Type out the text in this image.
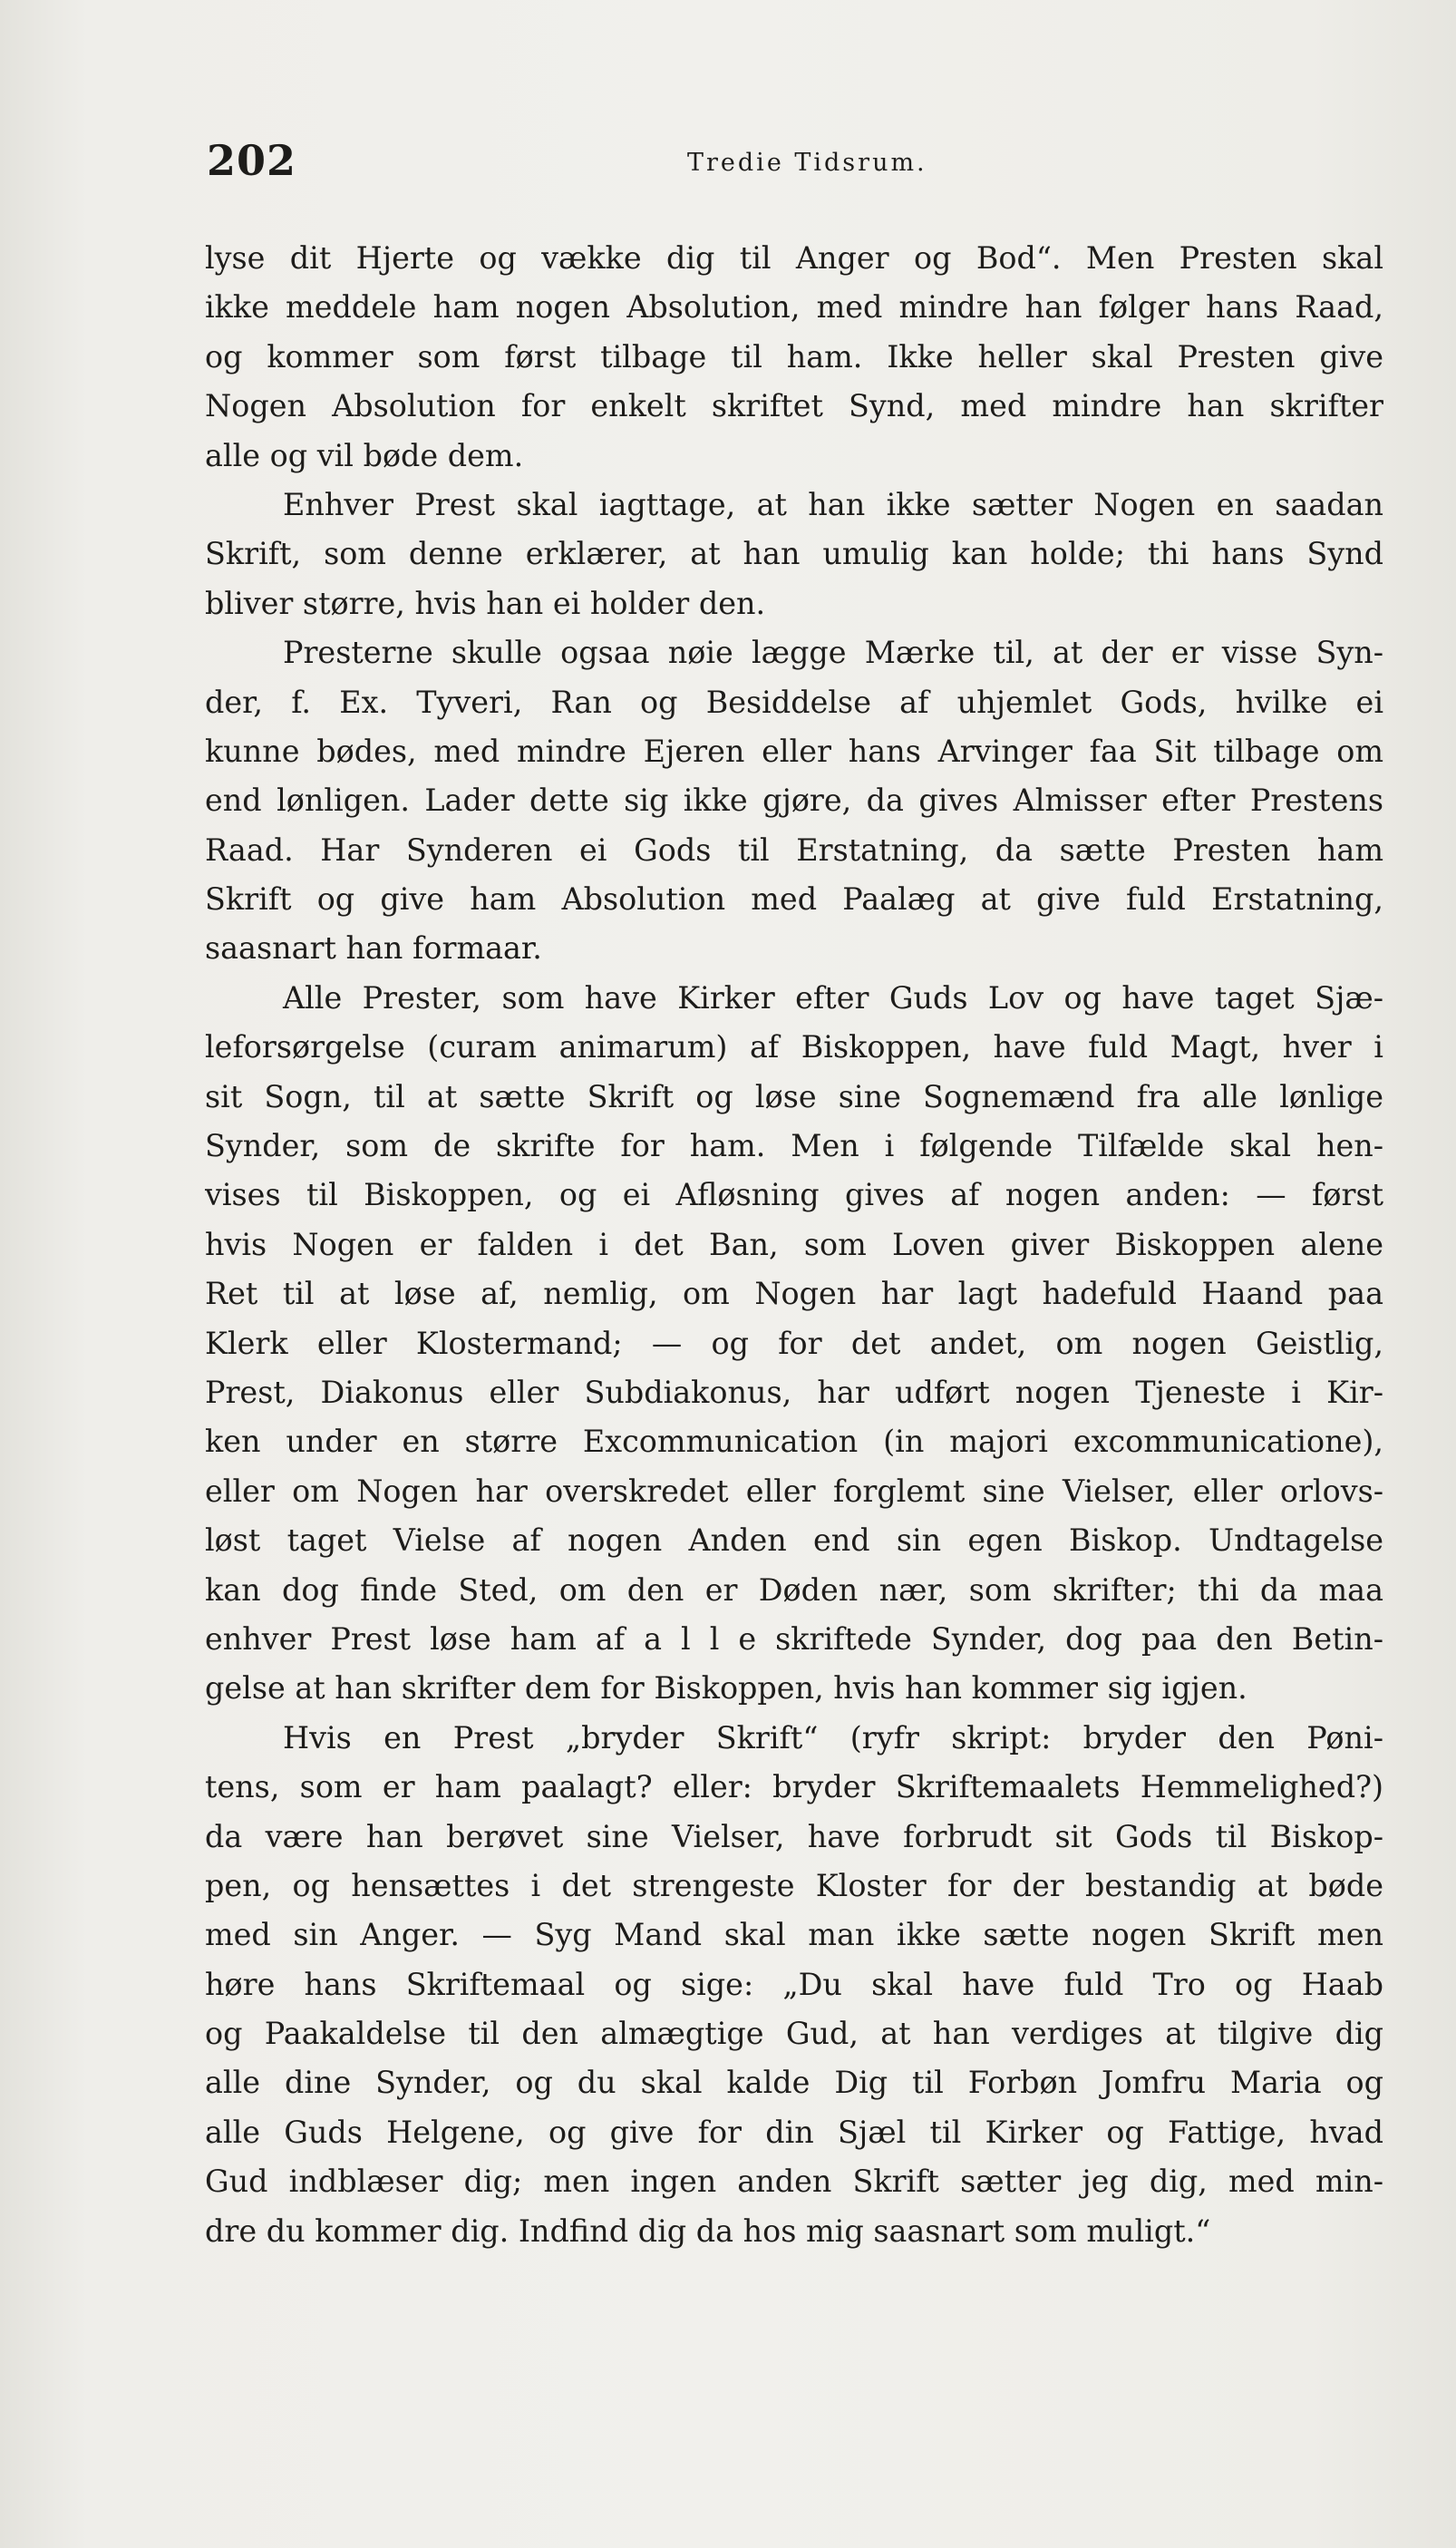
202	Tredie Tidsrum.
lyse dit Hjerte og vække dig til Anger og Bod“. Men Presten skal
ikke meddele ham nogen Absolution, med mindre han følger hans Raad,
og kommer som først tilbage til ham. Ikke heller skal Presten give
Nogen Absolution for enkelt skriftet Synd, med mindre han skrifter
alle og vil bøde dem.
Enhver Prest skal iagttage, at han ikke sætter Nogen en saadan
Skrift, som denne erklærer, at han umulig kan holde; thi hans Synd
bliver større, hvis han ei holder den.
Presterne skulle ogsaa nøie lægge Mærke til, at der er visse Syn-
der, f. Ex. Tyveri, Ran og Besiddelse af uhjemlet Gods, hvilke ei
kunne bødes, med mindre Ejeren eller hans Arvinger faa Sit tilbage om
end lønligen. Lader dette sig ikke gjøre, da gives Almisser efter Prestens
Raad. Har Synderen ei Gods til Erstatning, da sætte Presten ham
Skrift og give ham Absolution med Paalæg at give fuld Erstatning,
saasnart han formaar.
Alle Prester, som have Kirker efter Guds Lov og have taget Sjæ-
leforsørgelse (curam animarum) af Biskoppen, have fuld Magt, hver i
sit Sogn, til at sætte Skrift og løse sine Sognemænd fra alle lønlige
Synder, som de skrifte for ham. Men i følgende Tilfælde skal hen-
vises til Biskoppen, og ei Afløsning gives af nogen anden: — først
hvis Nogen er falden i det Ban, som Loven giver Biskoppen alene
Ret til at løse af, nemlig, om Nogen har lagt hadefuld Haand paa
Klerk eller Klostermand; — og for det andet, om nogen Geistlig,
Prest, Diakonus eller Subdiakonus, har udført nogen Tjeneste i Kir-
ken under en større Excommunication (in majori excommunicatione),
eller om Nogen har overskredet eller forglemt sine Vielser, eller orlovs-
løst taget Vielse af nogen Anden end sin egen Biskop. Undtagelse
kan dog finde Sted, om den er Døden nær, som skrifter; thi da maa
enhver Prest løse ham af a l l e skriftede Synder, dog paa den Betin-
gelse at han skrifter dem for Biskoppen, hvis han kommer sig igjen.
Hvis en Prest „bryder Skrift“ (ryfr skript: bryder den Pøni-
tens, som er ham paalagt? eller: bryder Skriftemaalets Hemmelighed?)
da være han berøvet sine Vielser, have forbrudt sit Gods til Biskop-
pen, og hensættes i det strengeste Kloster for der bestandig at bøde
med sin Anger. — Syg Mand skal man ikke sætte nogen Skrift men
høre hans Skriftemaal og sige: „Du skal have fuld Tro og Haab
og Paakaldelse til den almægtige Gud, at han verdiges at tilgive dig
alle dine Synder, og du skal kalde Dig til Forbøn Jomfru Maria og
alle Guds Helgene, og give for din Sjæl til Kirker og Fattige, hvad
Gud indblæser dig; men ingen anden Skrift sætter jeg dig, med min-
dre du kommer dig. Indfind dig da hos mig saasnart som muligt.“
